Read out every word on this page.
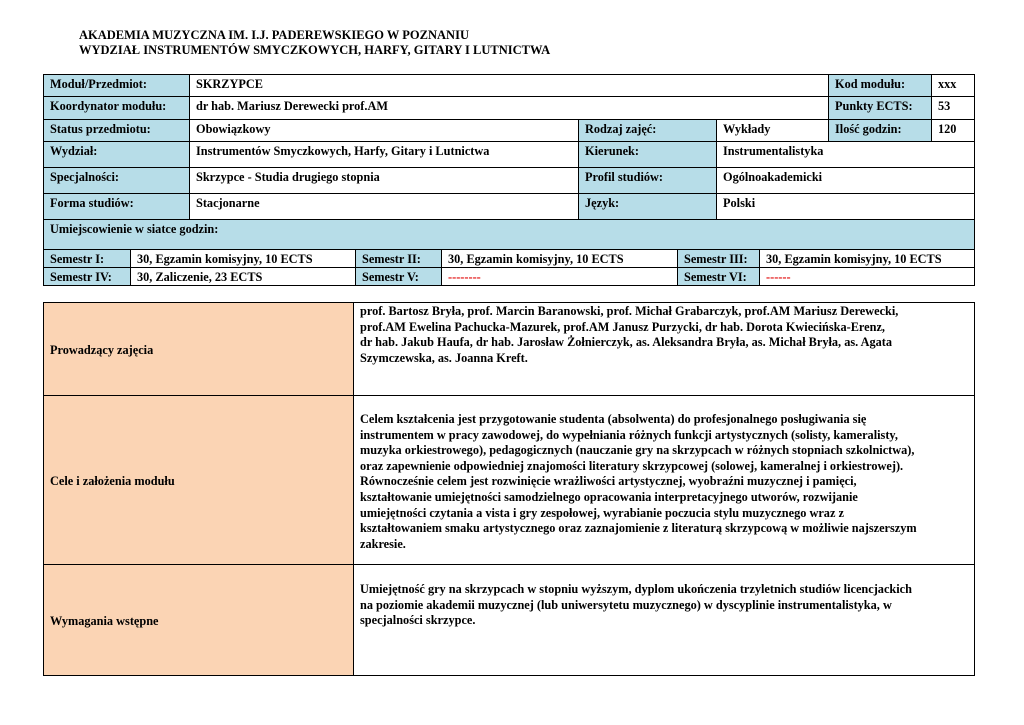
AKADEMIA MUZYCZNA IM. I.J. PADEREWSKIEGO W POZNANIU
WYDZIAŁ INSTRUMENTÓW SMYCZKOWYCH, HARFY, GITARY I LUTNICTWA
Moduł/Przedmiot:	SKRZYPCE	Kod modułu:	xxx
Koordynator modułu:	dr hab. Mariusz Derewecki prof.AM	Punkty ECTS:	53
Status przedmiotu:	Obowiązkowy	Rodzaj zajęć:	Wykłady	Ilość godzin:	120
Wydział:	Instrumentów Smyczkowych, Harfy, Gitary i Lutnictwa	Kierunek:	Instrumentalistyka
Specjalności:	Skrzypce - Studia drugiego stopnia	Profil studiów:	Ogólnoakademicki
Forma studiów:	Stacjonarne	Język:	Polski
Umiejscowienie w siatce godzin:
Semestr I:	30, Egzamin komisyjny, 10 ECTS	Semestr II:	30, Egzamin komisyjny, 10 ECTS	Semestr III:	30, Egzamin komisyjny, 10 ECTS
Semestr IV:	30, Zaliczenie, 23 ECTS	Semestr V:	--------	Semestr VI:	------
Prowadzący zajęcia
prof. Bartosz Bryła, prof. Marcin Baranowski, prof. Michał Grabarczyk, prof.AM Mariusz Derewecki,
prof.AM Ewelina Pachucka-Mazurek, prof.AM Janusz Purzycki, dr hab. Dorota Kwiecińska-Erenz,
dr hab. Jakub Haufa, dr hab. Jarosław Żołnierczyk, as. Aleksandra Bryła, as. Michał Bryła, as. Agata
Szymczewska, as. Joanna Kreft.
Cele i założenia modułu
Celem kształcenia jest przygotowanie studenta (absolwenta) do profesjonalnego posługiwania się
instrumentem w pracy zawodowej, do wypełniania różnych funkcji artystycznych (solisty, kameralisty,
muzyka orkiestrowego), pedagogicznych (nauczanie gry na skrzypcach w różnych stopniach szkolnictwa),
oraz zapewnienie odpowiedniej znajomości literatury skrzypcowej (solowej, kameralnej i orkiestrowej).
Równocześnie celem jest rozwinięcie wrażliwości artystycznej, wyobraźni muzycznej i pamięci,
kształtowanie umiejętności samodzielnego opracowania interpretacyjnego utworów, rozwijanie
umiejętności czytania a vista i gry zespołowej, wyrabianie poczucia stylu muzycznego wraz z
kształtowaniem smaku artystycznego oraz zaznajomienie z literaturą skrzypcową w możliwie najszerszym
zakresie.
Wymagania wstępne
Umiejętność gry na skrzypcach w stopniu wyższym, dyplom ukończenia trzyletnich studiów licencjackich
na poziomie akademii muzycznej (lub uniwersytetu muzycznego) w dyscyplinie instrumentalistyka, w
specjalności skrzypce.
